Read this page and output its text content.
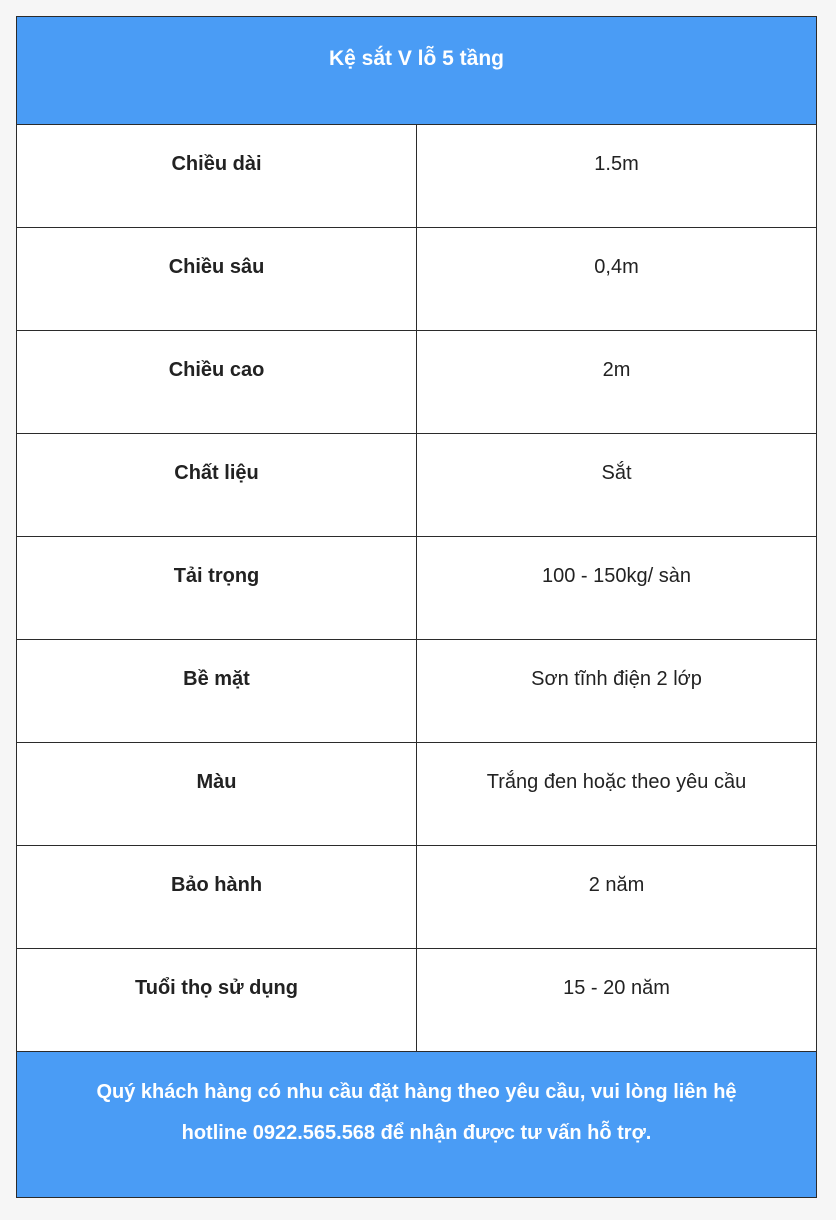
Kệ sắt V lỗ 5 tầng	
Chiều dài	1.5m
Chiều sâu	0,4m
Chiều cao	2m
Chất liệu	Sắt
Tải trọng	100 - 150kg/ sàn
Bề mặt	Sơn tĩnh điện 2 lớp
Màu	Trắng đen hoặc theo yêu cầu
Bảo hành	2 năm
Tuổi thọ sử dụng	15 - 20 năm
Quý khách hàng có nhu cầu đặt hàng theo yêu cầu, vui lòng liên hệ
hotline 0922.565.568 để nhận được tư vấn hỗ trợ.	
